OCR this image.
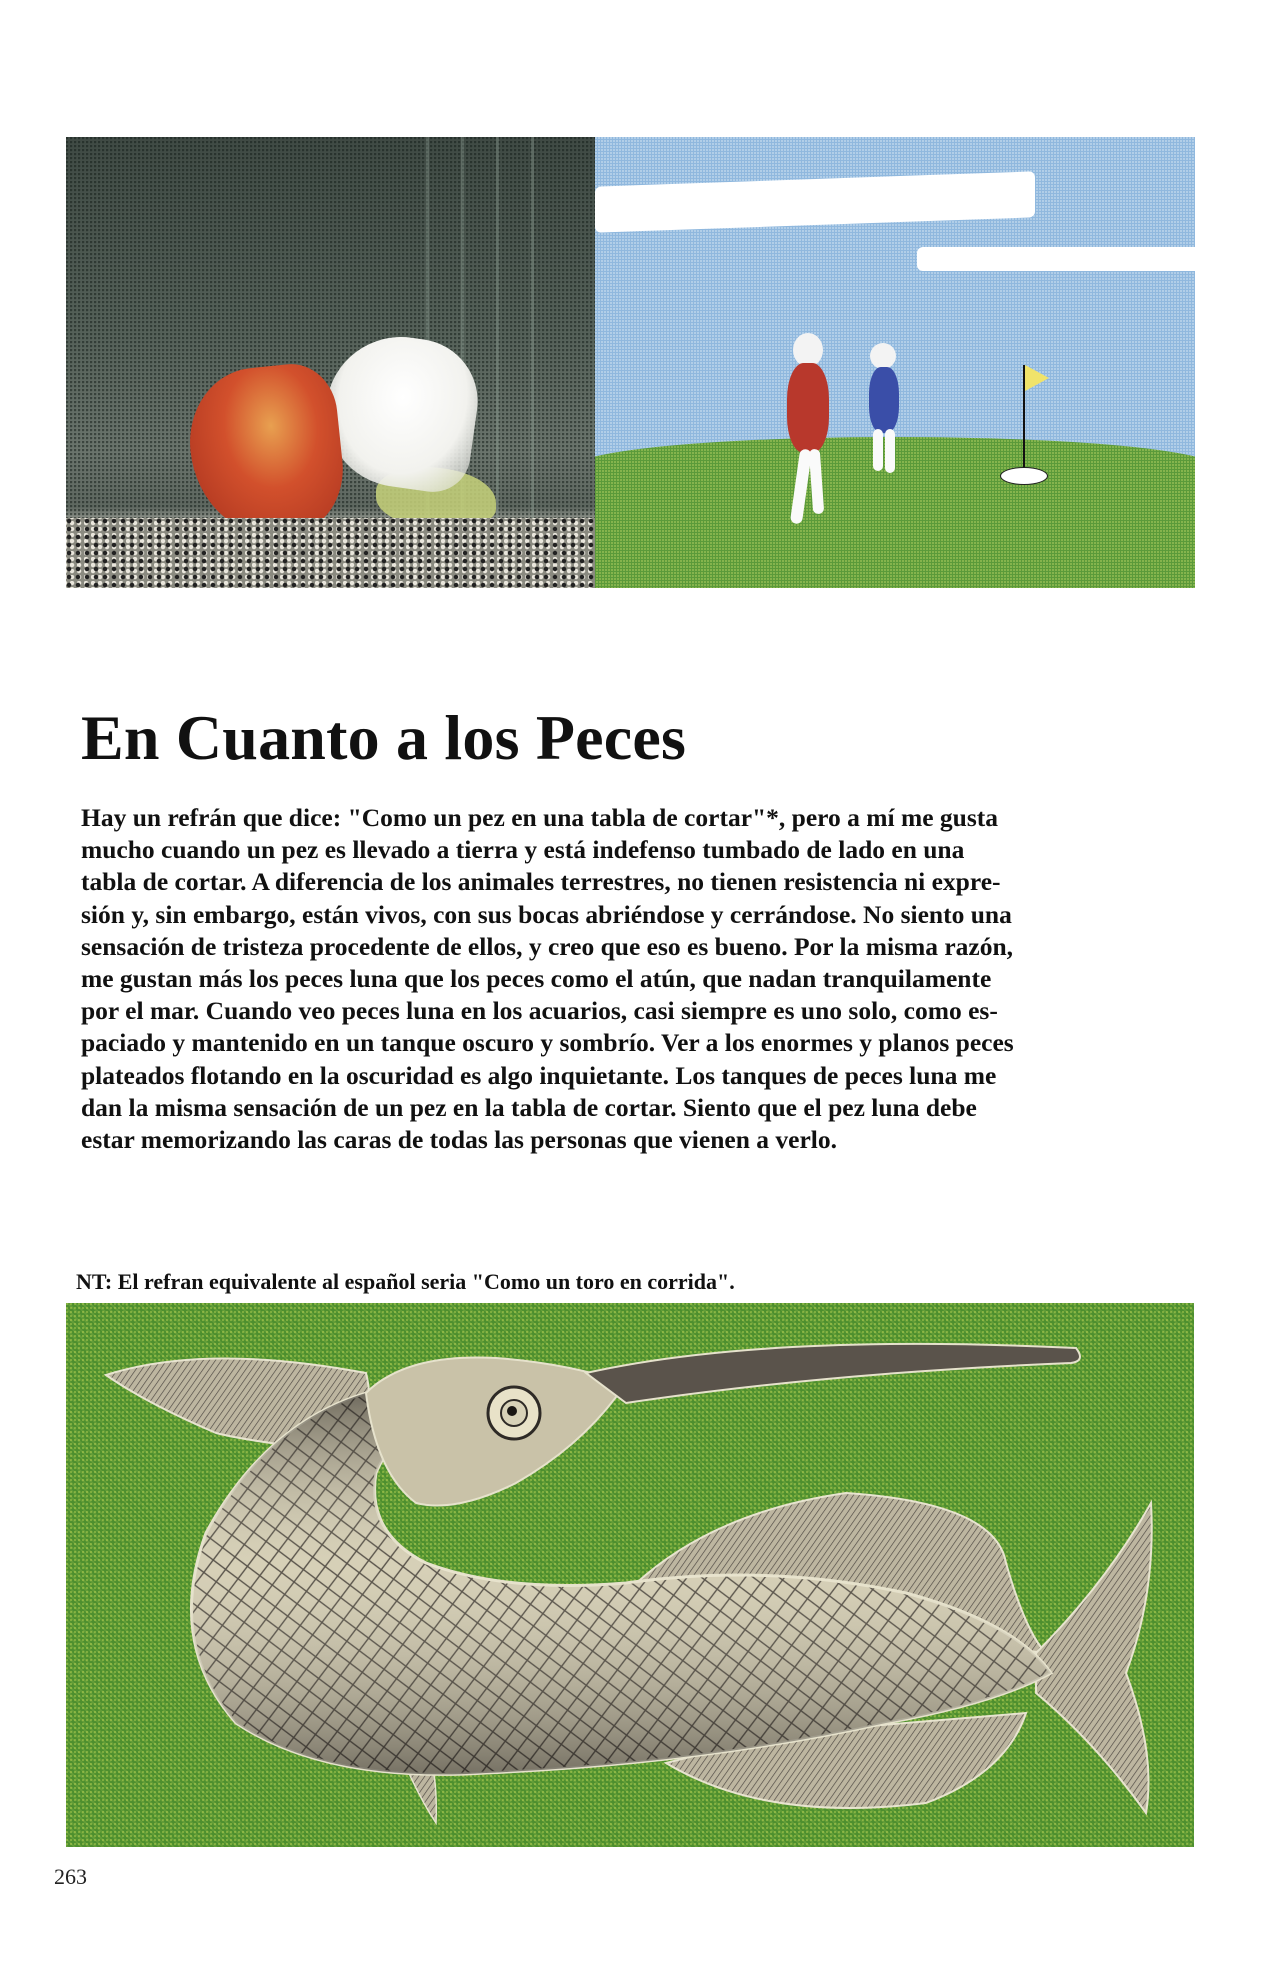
En Cuanto a los Peces

Hay un refrán que dice: "Como un pez en una tabla de cortar"*, pero a mí me gusta
mucho cuando un pez es llevado a tierra y está indefenso tumbado de lado en una
tabla de cortar. A diferencia de los animales terrestres, no tienen resistencia ni expre-
sión y, sin embargo, están vivos, con sus bocas abriéndose y cerrándose. No siento una
sensación de tristeza procedente de ellos, y creo que eso es bueno. Por la misma razón,
me gustan más los peces luna que los peces como el atún, que nadan tranquilamente
por el mar. Cuando veo peces luna en los acuarios, casi siempre es uno solo, como es-
paciado y mantenido en un tanque oscuro y sombrío. Ver a los enormes y planos peces
plateados flotando en la oscuridad es algo inquietante. Los tanques de peces luna me
dan la misma sensación de un pez en la tabla de cortar. Siento que el pez luna debe
estar memorizando las caras de todas las personas que vienen a verlo.

NT: El refran equivalente al español seria "Como un toro en corrida".

263
